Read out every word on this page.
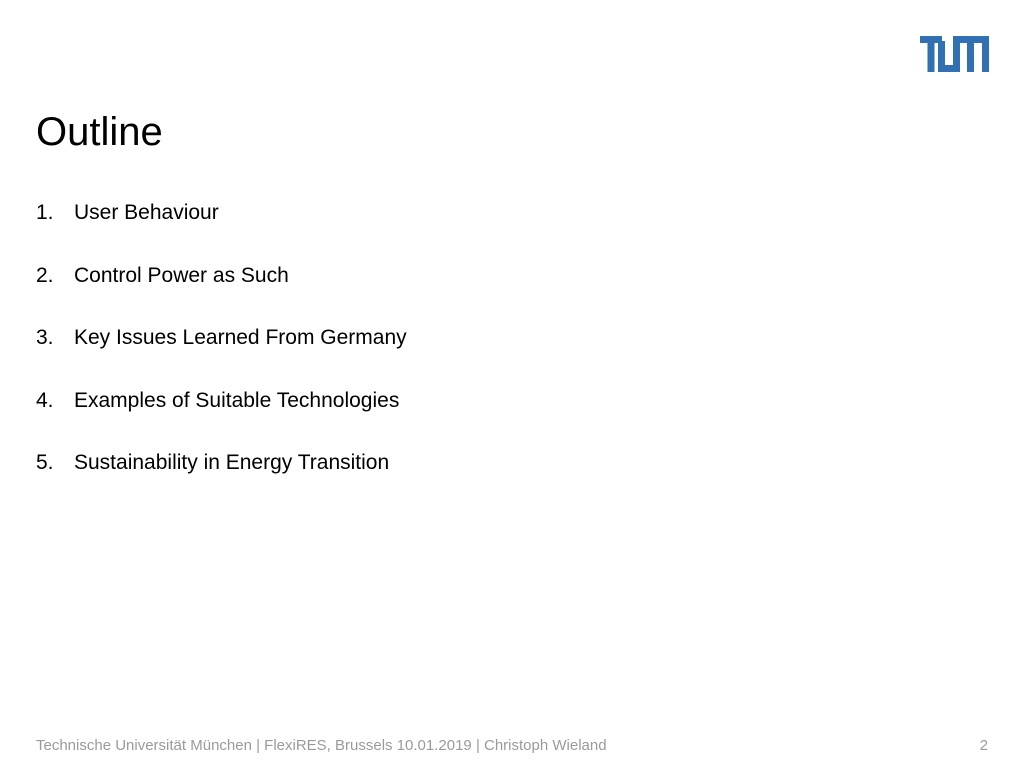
Outline
1. User Behaviour
2. Control Power as Such
3. Key Issues Learned From Germany
4. Examples of Suitable Technologies
5. Sustainability in Energy Transition
Technische Universität München | FlexiRES, Brussels 10.01.2019 | Christoph Wieland	2
